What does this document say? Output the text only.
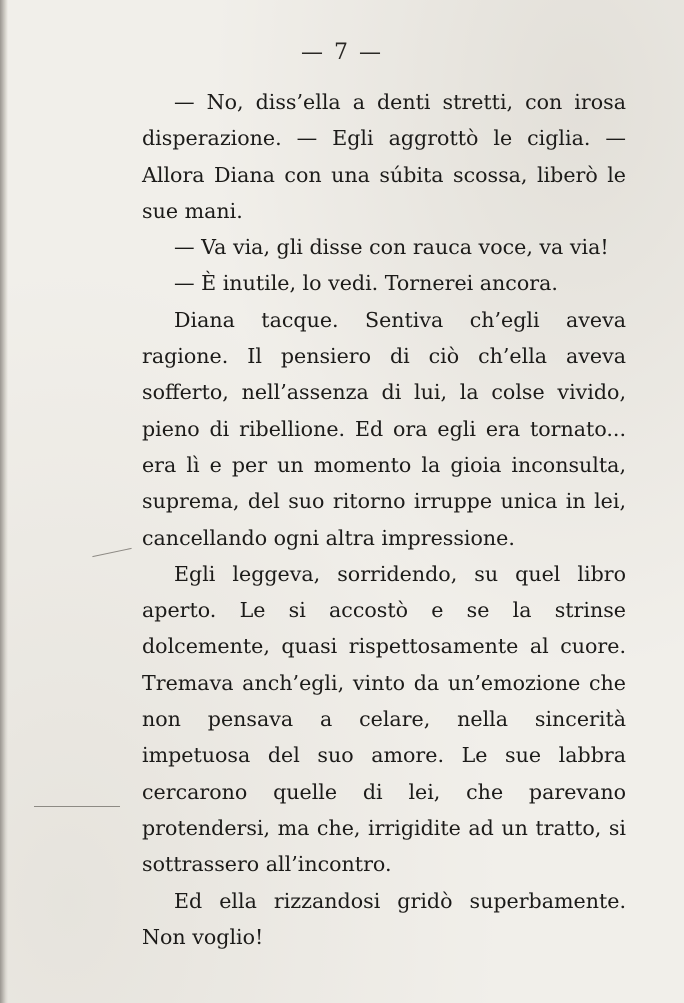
— 7 —

— No, diss’ella a denti stretti, con irosa disperazione. — Egli aggrottò le ciglia. — Allora Diana con una súbita scossa, liberò le sue mani.

— Va via, gli disse con rauca voce, va via!

— È inutile, lo vedi. Tornerei ancora.

Diana tacque. Sentiva ch’egli aveva ragione. Il pensiero di ciò ch’ella aveva sofferto, nell’assenza di lui, la colse vivido, pieno di ribellione. Ed ora egli era tornato... era lì e per un momento la gioia inconsulta, suprema, del suo ritorno irruppe unica in lei, cancellando ogni altra impressione.

Egli leggeva, sorridendo, su quel libro aperto. Le si accostò e se la strinse dolcemente, quasi rispettosamente al cuore. Tremava anch’egli, vinto da un’emozione che non pensava a celare, nella sincerità impetuosa del suo amore. Le sue labbra cercarono quelle di lei, che parevano protendersi, ma che, irrigidite ad un tratto, si sottrassero all’incontro.

Ed ella rizzandosi gridò superbamente. Non voglio!
